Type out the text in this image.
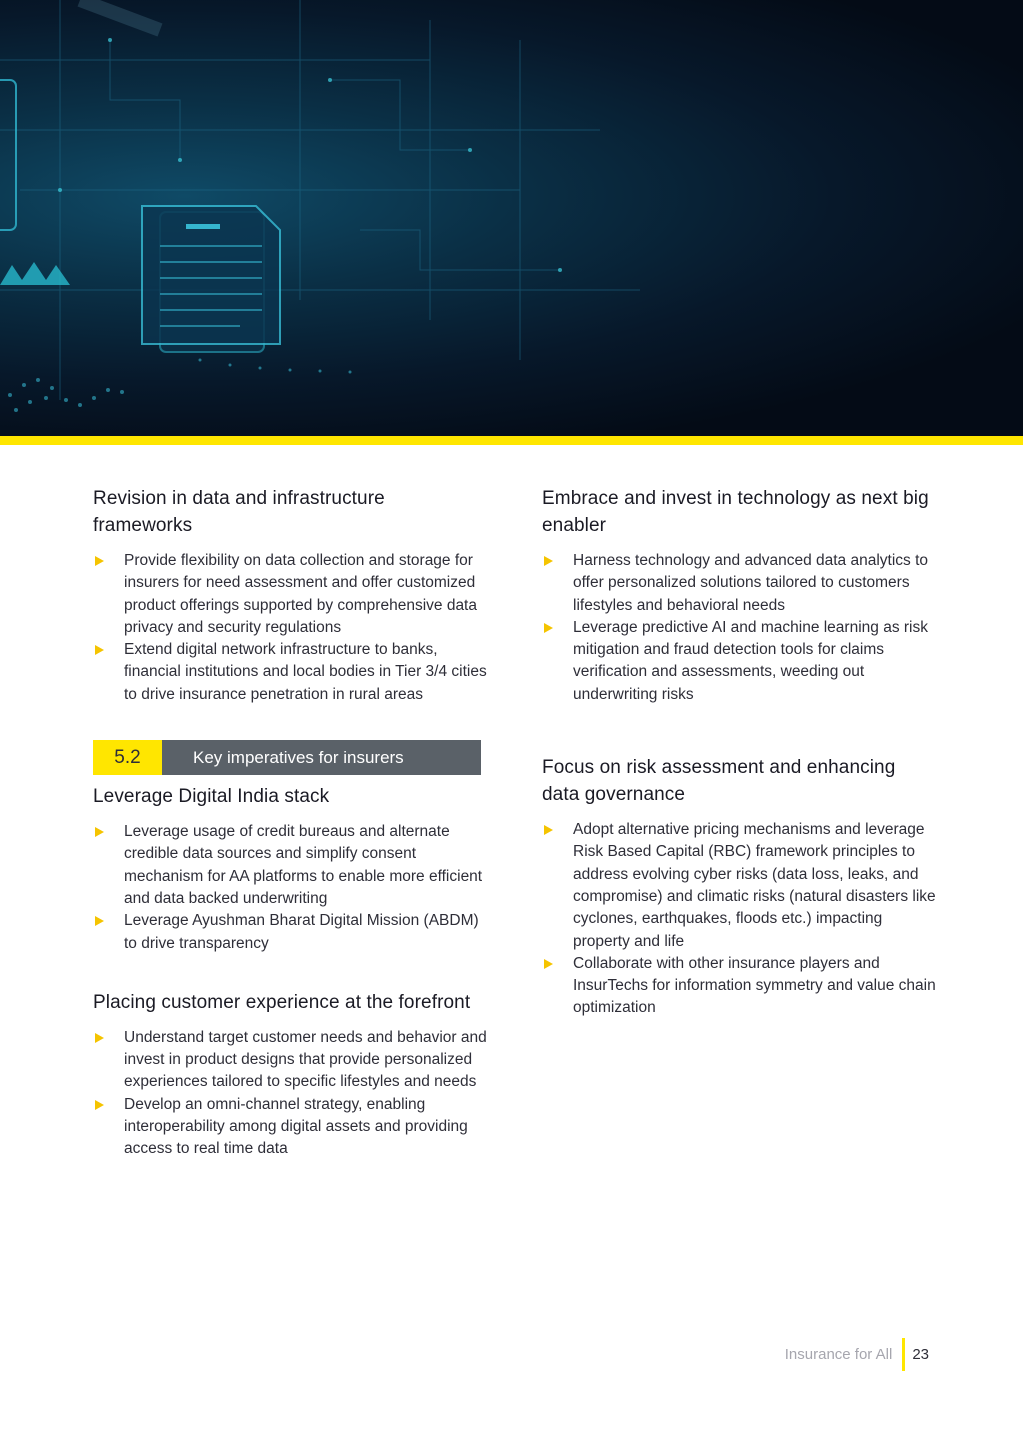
Revision in data and infrastructure frameworks
Provide flexibility on data collection and storage for insurers for need assessment and offer customized product offerings supported by comprehensive data privacy and security regulations
Extend digital network infrastructure to banks, financial institutions and local bodies in Tier 3/4 cities to drive insurance penetration in rural areas
5.2	Key imperatives for insurers
Leverage Digital India stack
Leverage usage of credit bureaus and alternate credible data sources and simplify consent mechanism for AA platforms to enable more efficient and data backed underwriting
Leverage Ayushman Bharat Digital Mission (ABDM) to drive transparency
Placing customer experience at the forefront
Understand target customer needs and behavior and invest in product designs that provide personalized experiences tailored to specific lifestyles and needs
Develop an omni-channel strategy, enabling interoperability among digital assets and providing access to real time data
Embrace and invest in technology as next big enabler
Harness technology and advanced data analytics to offer personalized solutions tailored to customers lifestyles and behavioral needs
Leverage predictive AI and machine learning as risk mitigation and fraud detection tools for claims verification and assessments, weeding out underwriting risks
Focus on risk assessment and enhancing data governance
Adopt alternative pricing mechanisms and leverage Risk Based Capital (RBC) framework principles to address evolving cyber risks (data loss, leaks, and compromise) and climatic risks (natural disasters like cyclones, earthquakes, floods etc.) impacting property and life
Collaborate with other insurance players and InsurTechs for information symmetry and value chain optimization
Insurance for All 23
